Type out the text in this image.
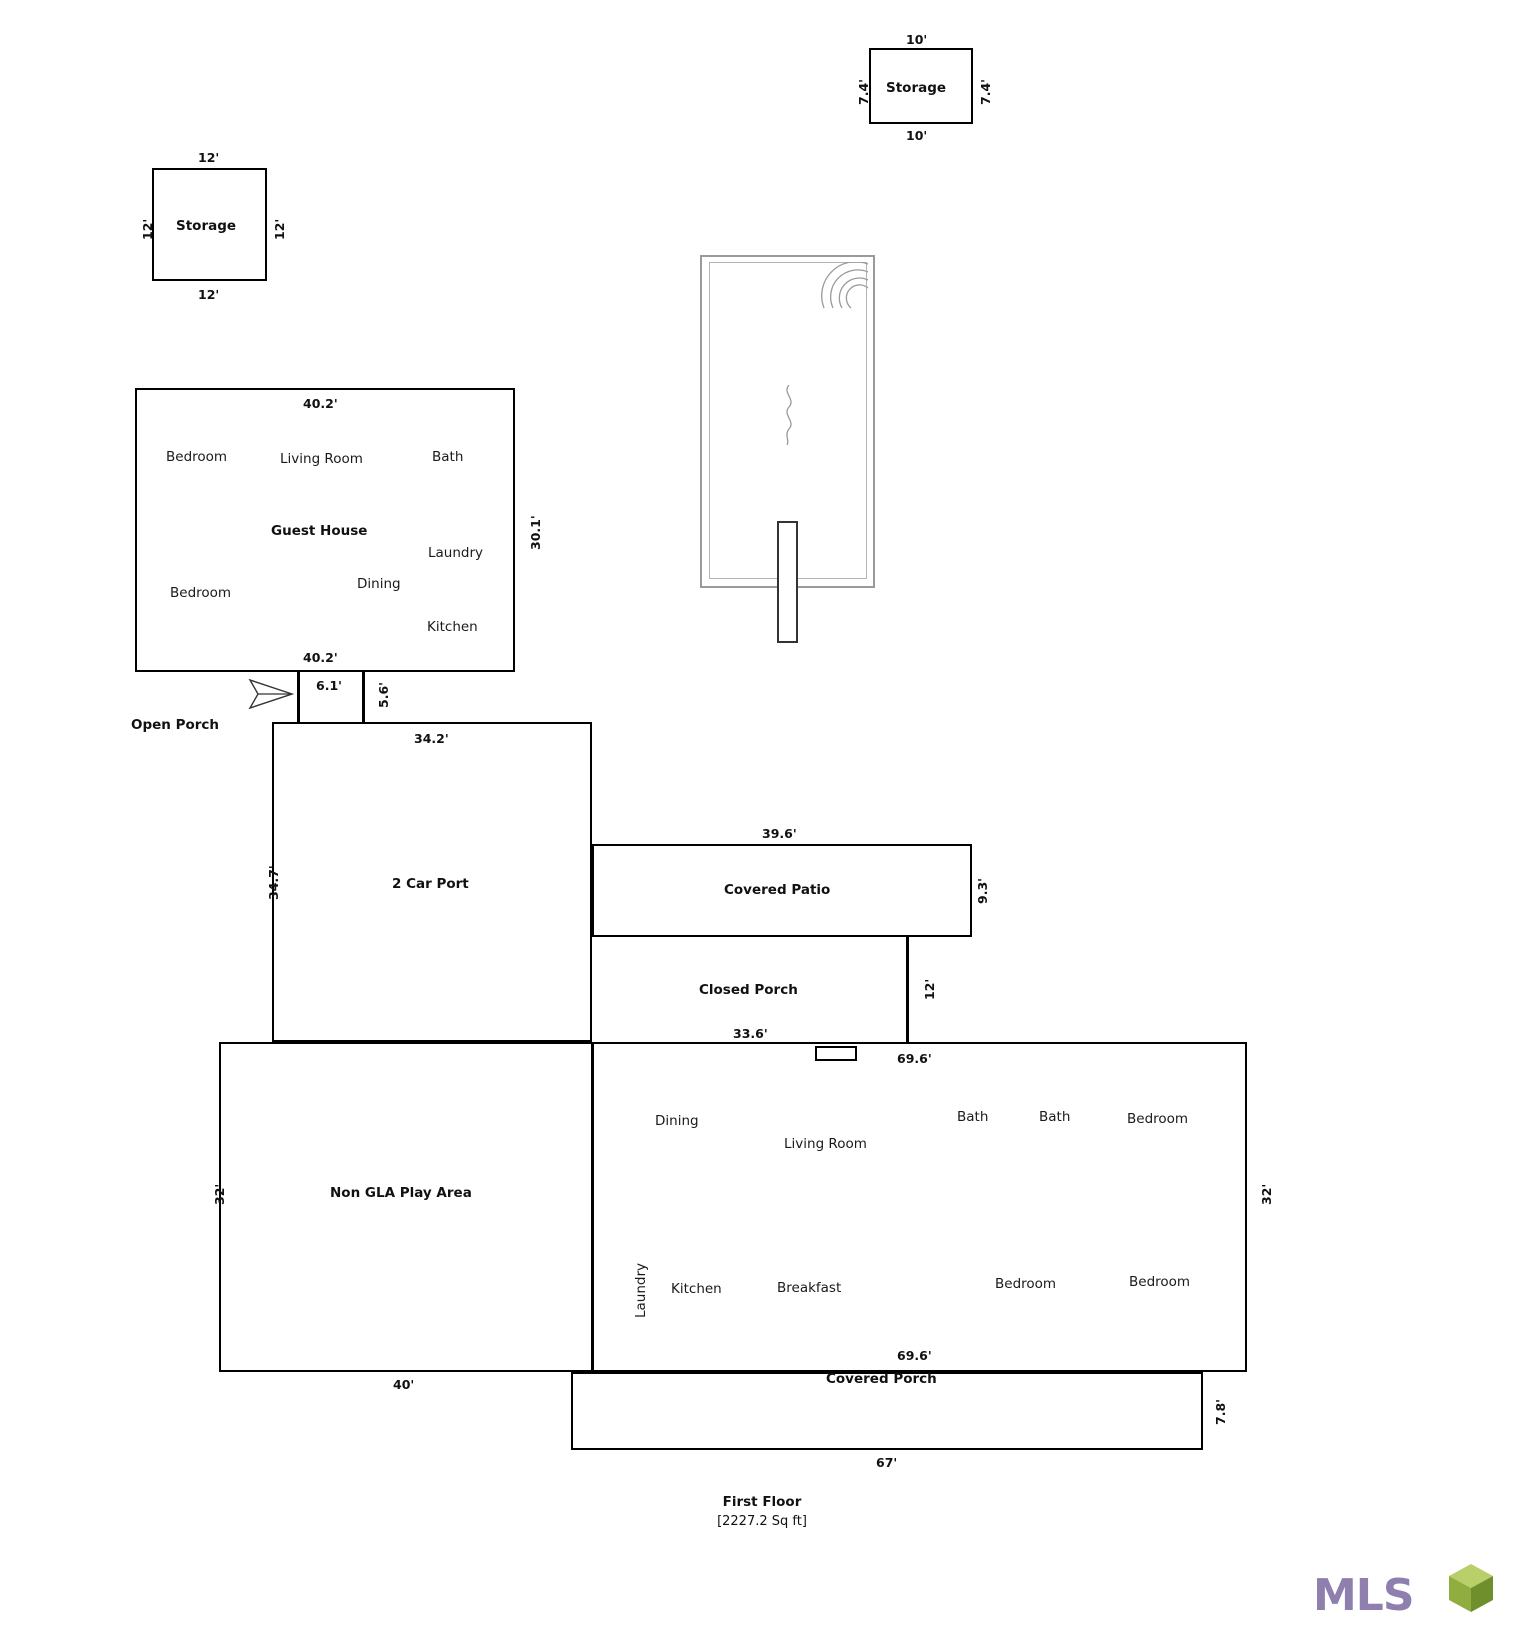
Storage
10'
10'
7.4'	7.4'
Storage
12'
12'
12'	12'
40.2'
40.2'
30.1'
Guest House
Bedroom	Living Room	Bath
Laundry
Bedroom
Dining
Kitchen
6.1'	5.6'
Open Porch
2 Car Port
34.2'
34.7'	Covered Patio
39.6'
9.3'
Closed Porch
33.6'
12'
Non GLA Play Area
32'
40'
69.6'
32'
69.6'
Dining
Living Room
Bath	Bath	Bedroom
Laundry Kitchen	Breakfast	Bedroom	Bedroom
Covered Porch
67'
7.8'
First Floor
[2227.2 Sq ft]
MLS
